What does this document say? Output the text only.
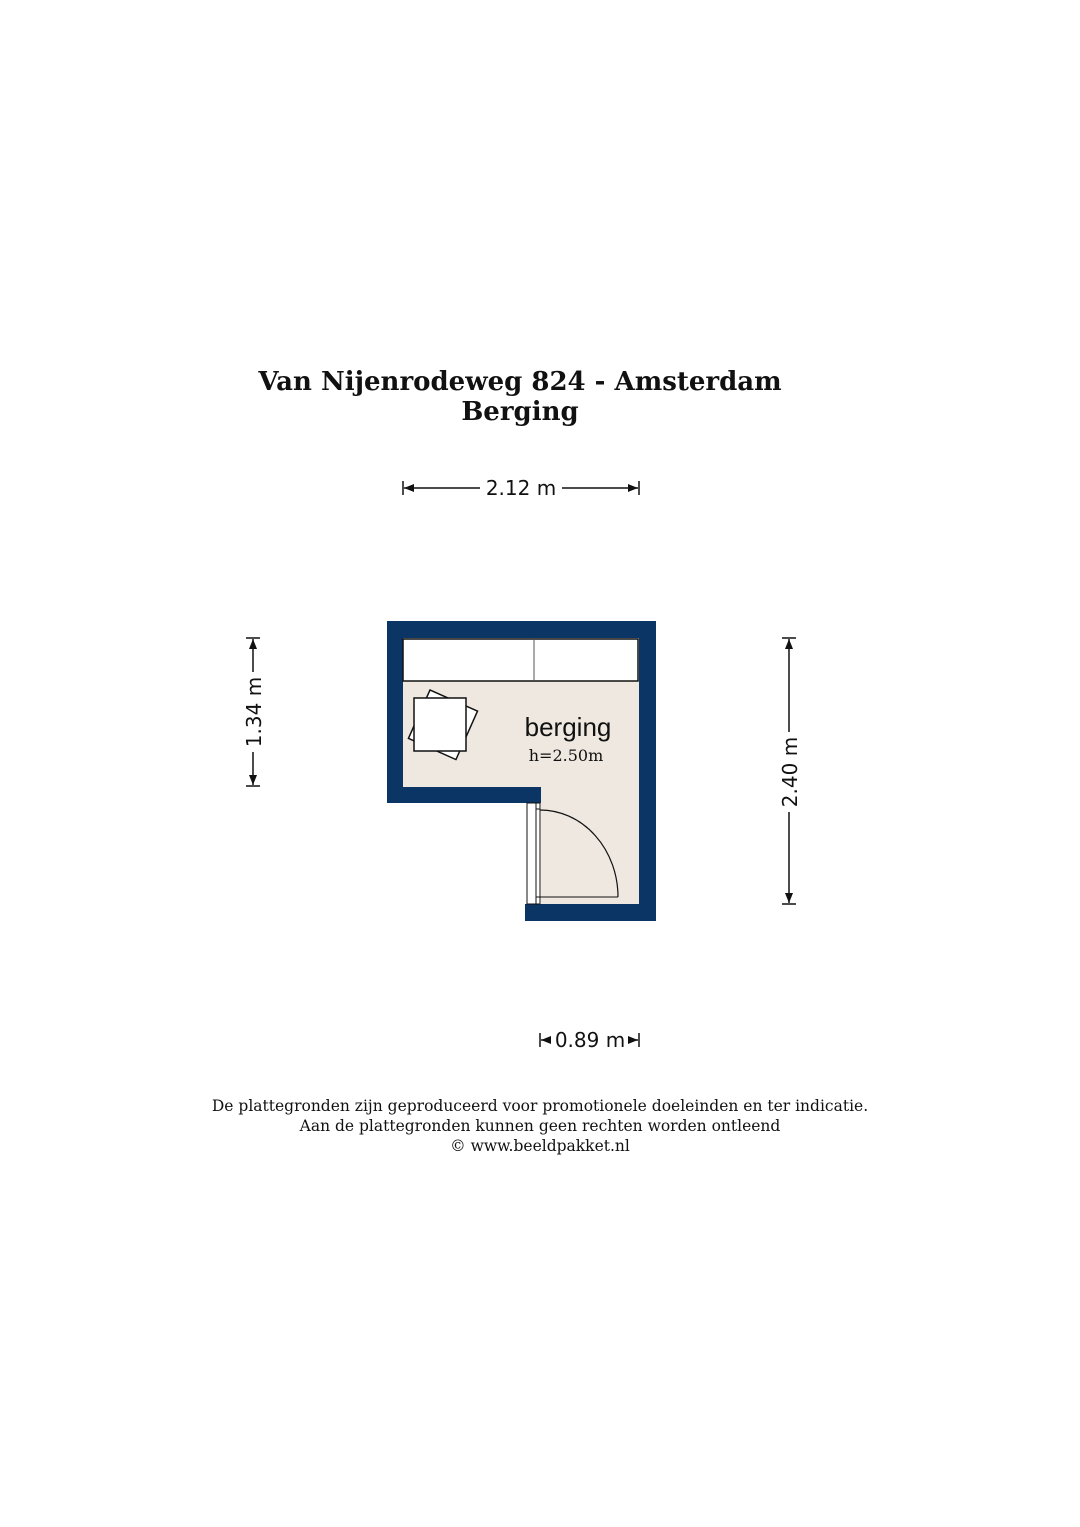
Van Nijenrodeweg 824 - Amsterdam
Berging
2.12 m
1.34 m
2.40 m
0.89 m
berging
h=2.50m
De plattegronden zijn geproduceerd voor promotionele doeleinden en ter indicatie.
Aan de plattegronden kunnen geen rechten worden ontleend
© www.beeldpakket.nl
